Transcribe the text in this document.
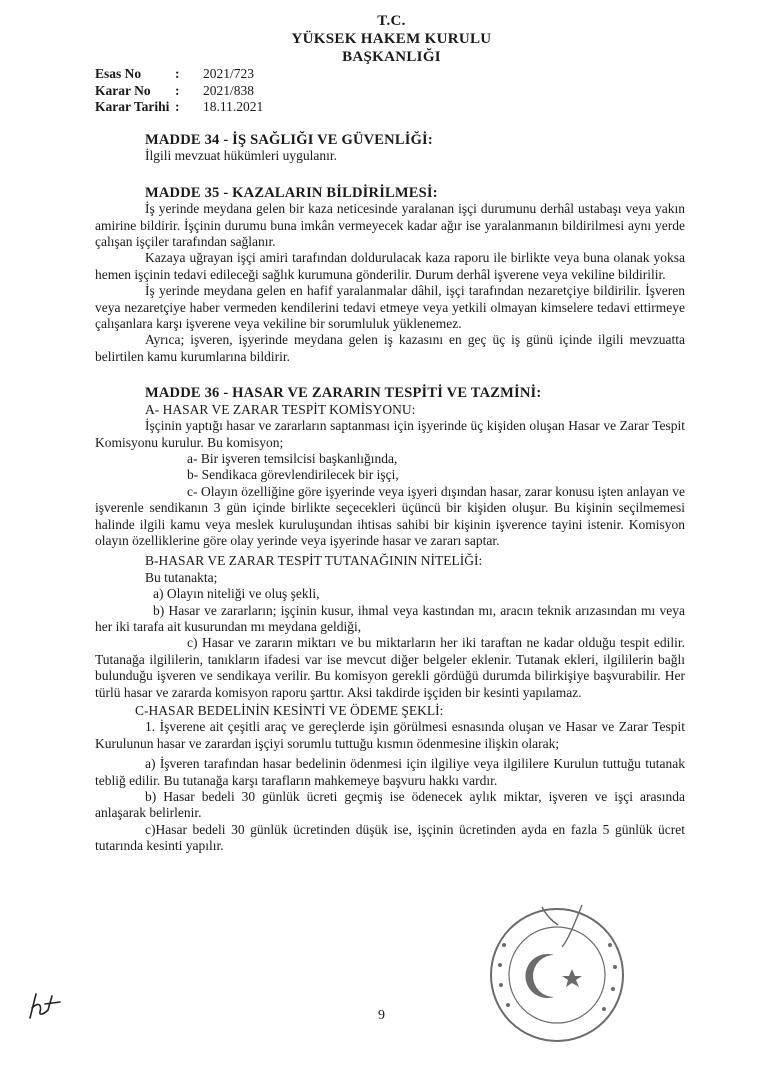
T.C.
YÜKSEK HAKEM KURULU
BAŞKANLIĞI
Esas No	:	2021/723
Karar No	:	2021/838
Karar Tarihi :	18.11.2021
MADDE 34 - İŞ SAĞLIĞI VE GÜVENLİĞİ:

İlgili mevzuat hükümleri uygulanır.

MADDE 35 - KAZALARIN BİLDİRİLMESİ:

İş yerinde meydana gelen bir kaza neticesinde yaralanan işçi durumunu derhâl ustabaşı veya yakın amirine bildirir. İşçinin durumu buna imkân vermeyecek kadar ağır ise yaralanmanın bildirilmesi aynı yerde çalışan işçiler tarafından sağlanır.

Kazaya uğrayan işçi amiri tarafından doldurulacak kaza raporu ile birlikte veya buna olanak yoksa hemen işçinin tedavi edileceği sağlık kurumuna gönderilir. Durum derhâl işverene veya vekiline bildirilir.

İş yerinde meydana gelen en hafif yaralanmalar dâhil, işçi tarafından nezaretçiye bildirilir. İşveren veya nezaretçiye haber vermeden kendilerini tedavi etmeye veya yetkili olmayan kimselere tedavi ettirmeye çalışanlara karşı işverene veya vekiline bir sorumluluk yüklenemez.

Ayrıca; işveren, işyerinde meydana gelen iş kazasını en geç üç iş günü içinde ilgili mevzuatta belirtilen kamu kurumlarına bildirir.

MADDE 36 - HASAR VE ZARARIN TESPİTİ VE TAZMİNİ:
A- HASAR VE ZARAR TESPİT KOMİSYONU:

İşçinin yaptığı hasar ve zararların saptanması için işyerinde üç kişiden oluşan Hasar ve Zarar Tespit Komisyonu kurulur. Bu komisyon;

a- Bir işveren temsilcisi başkanlığında,

b- Sendikaca görevlendirilecek bir işçi,

c- Olayın özelliğine göre işyerinde veya işyeri dışından hasar, zarar konusu işten anlayan ve işverenle sendikanın 3 gün içinde birlikte seçecekleri üçüncü bir kişiden oluşur. Bu kişinin seçilmemesi halinde ilgili kamu veya meslek kuruluşundan ihtisas sahibi bir kişinin işverence tayini istenir. Komisyon olayın özelliklerine göre olay yerinde veya işyerinde hasar ve zararı saptar.

B-HASAR VE ZARAR TESPİT TUTANAĞININ NİTELİĞİ:

Bu tutanakta;

a) Olayın niteliği ve oluş şekli,

b) Hasar ve zararların; işçinin kusur, ihmal veya kastından mı, aracın teknik arızasından mı veya her iki tarafa ait kusurundan mı meydana geldiği,

c) Hasar ve zararın miktarı ve bu miktarların her iki taraftan ne kadar olduğu tespit edilir. Tutanağa ilgililerin, tanıkların ifadesi var ise mevcut diğer belgeler eklenir. Tutanak ekleri, ilgililerin bağlı bulunduğu işveren ve sendikaya verilir. Bu komisyon gerekli gördüğü durumda bilirkişiye başvurabilir. Her türlü hasar ve zararda komisyon raporu şarttır. Aksi takdirde işçiden bir kesinti yapılamaz.

C-HASAR BEDELİNİN KESİNTİ VE ÖDEME ŞEKLİ:

1. İşverene ait çeşitli araç ve gereçlerde işin görülmesi esnasında oluşan ve Hasar ve Zarar Tespit Kurulunun hasar ve zarardan işçiyi sorumlu tuttuğu kısmın ödenmesine ilişkin olarak;

a) İşveren tarafından hasar bedelinin ödenmesi için ilgiliye veya ilgililere Kurulun tuttuğu tutanak tebliğ edilir. Bu tutanağa karşı tarafların mahkemeye başvuru hakkı vardır.

b) Hasar bedeli 30 günlük ücreti geçmiş ise ödenecek aylık miktar, işveren ve işçi arasında anlaşarak belirlenir.

c)Hasar bedeli 30 günlük ücretinden düşük ise, işçinin ücretinden ayda en fazla 5 günlük ücret tutarında kesinti yapılır.

9
